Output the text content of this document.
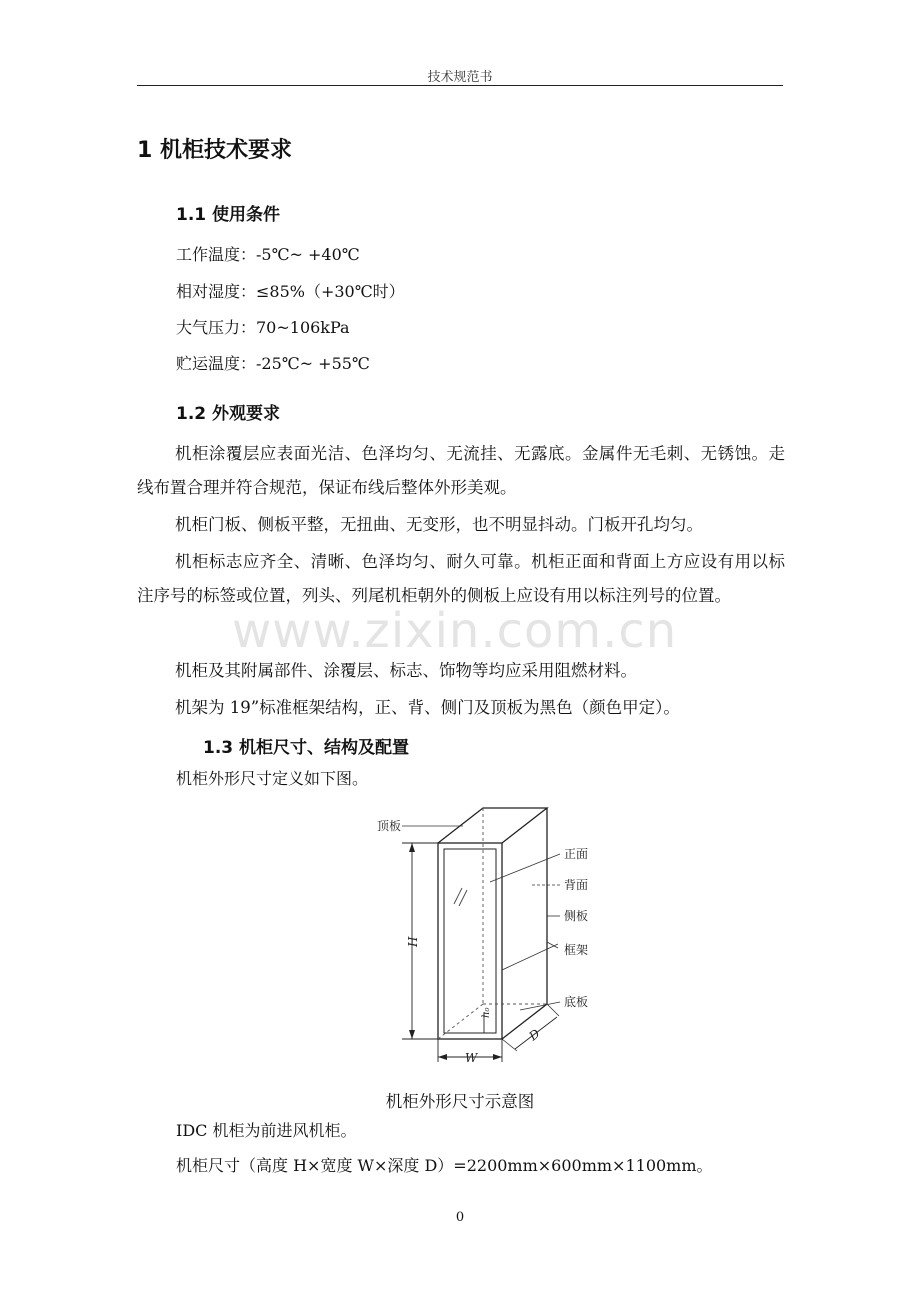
技术规范书
1 机柜技术要求
1.1 使用条件
工作温度：-5℃~ +40℃
相对湿度：≤85%（+30℃时）
大气压力：70~106kPa
贮运温度：-25℃~ +55℃
1.2 外观要求
www.zixin.com.cn
机柜涂覆层应表面光洁、色泽均匀、无流挂、无露底。金属件无毛刺、无锈蚀。走线布置合理并符合规范，保证布线后整体外形美观。
机柜门板、侧板平整，无扭曲、无变形，也不明显抖动。门板开孔均匀。
机柜标志应齐全、清晰、色泽均匀、耐久可靠。机柜正面和背面上方应设有用以标注序号的标签或位置，列头、列尾机柜朝外的侧板上应设有用以标注列号的位置。
机柜及其附属部件、涂覆层、标志、饰物等均应采用阻燃材料。
机架为 19”标准框架结构，正、背、侧门及顶板为黑色（颜色甲定）。
1.3 机柜尺寸、结构及配置
机柜外形尺寸定义如下图。
顶板
正面
背面
侧板
框架
底板
H
h₀
W
D
机柜外形尺寸示意图
IDC 机柜为前进风机柜。
机柜尺寸（高度 H×宽度 W×深度 D）=2200mm×600mm×1100mm。
0
